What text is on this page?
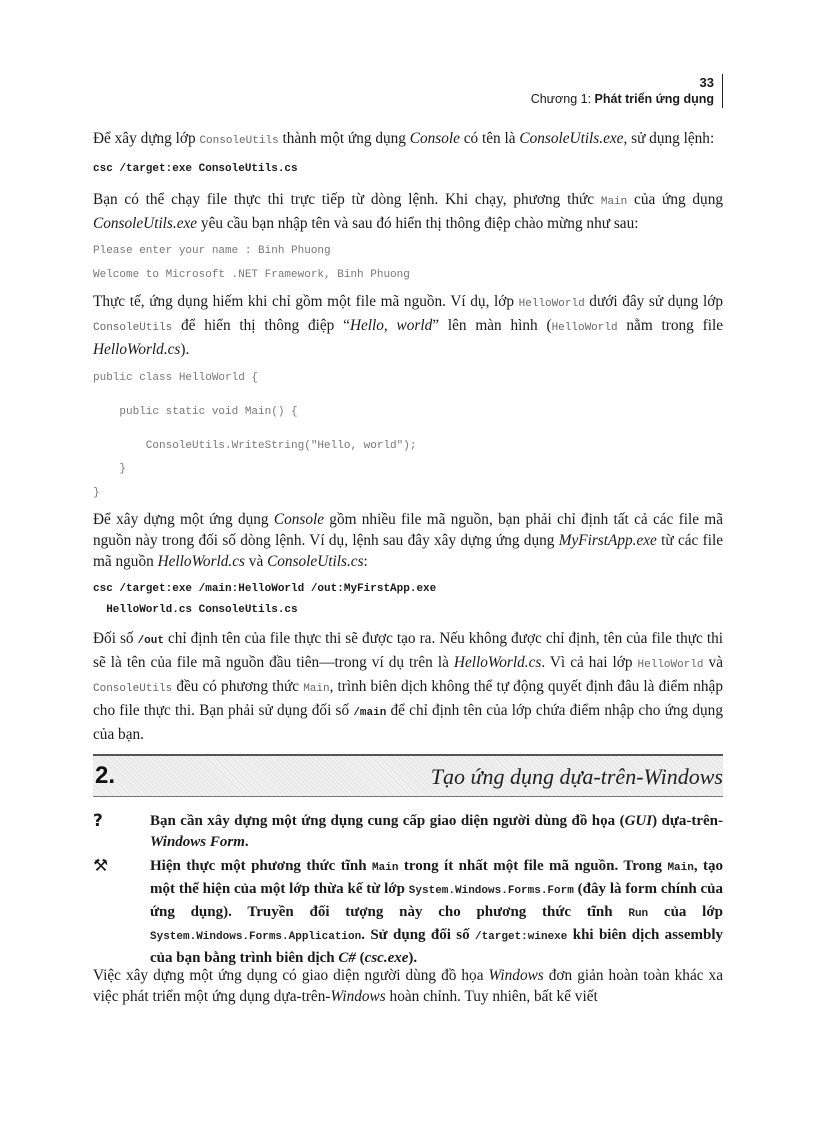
33
Chương 1: Phát triển ứng dụng

Để xây dựng lớp ConsoleUtils thành một ứng dụng Console có tên là ConsoleUtils.exe, sử dụng lệnh:

csc /target:exe ConsoleUtils.cs

Bạn có thể chạy file thực thi trực tiếp từ dòng lệnh. Khi chạy, phương thức Main của ứng dụng ConsoleUtils.exe yêu cầu bạn nhập tên và sau đó hiển thị thông điệp chào mừng như sau:

Please enter your name : Binh Phuong

Welcome to Microsoft .NET Framework, Binh Phuong

Thực tế, ứng dụng hiếm khi chỉ gồm một file mã nguồn. Ví dụ, lớp HelloWorld dưới đây sử dụng lớp ConsoleUtils để hiển thị thông điệp “Hello, world” lên màn hình (HelloWorld nằm trong file HelloWorld.cs).

public class HelloWorld {

public static void Main() {

ConsoleUtils.WriteString("Hello, world");

}

}

Để xây dựng một ứng dụng Console gồm nhiều file mã nguồn, bạn phải chỉ định tất cả các file mã nguồn này trong đối số dòng lệnh. Ví dụ, lệnh sau đây xây dựng ứng dụng MyFirstApp.exe từ các file mã nguồn HelloWorld.cs và ConsoleUtils.cs:

csc /target:exe /main:HelloWorld /out:MyFirstApp.exe

HelloWorld.cs ConsoleUtils.cs

Đối số /out chỉ định tên của file thực thi sẽ được tạo ra. Nếu không được chỉ định, tên của file thực thi sẽ là tên của file mã nguồn đầu tiên—trong ví dụ trên là HelloWorld.cs. Vì cả hai lớp HelloWorld và ConsoleUtils đều có phương thức Main, trình biên dịch không thể tự động quyết định đâu là điểm nhập cho file thực thi. Bạn phải sử dụng đối số /main để chỉ định tên của lớp chứa điểm nhập cho ứng dụng của bạn.

2.	Tạo ứng dụng dựa-trên-Windows
?	Bạn cần xây dựng một ứng dụng cung cấp giao diện người dùng đồ họa (GUI) dựa-trên-Windows Form.
⚒	Hiện thực một phương thức tĩnh Main trong ít nhất một file mã nguồn. Trong Main, tạo một thể hiện của một lớp thừa kế từ lớp System.Windows.Forms.Form (đây là form chính của ứng dụng). Truyền đối tượng này cho phương thức tĩnh Run của lớp System.Windows.Forms.Application. Sử dụng đối số /target:winexe khi biên dịch assembly của bạn bằng trình biên dịch C# (csc.exe).

Việc xây dựng một ứng dụng có giao diện người dùng đồ họa Windows đơn giản hoàn toàn khác xa việc phát triển một ứng dụng dựa-trên-Windows hoàn chỉnh. Tuy nhiên, bất kể viết
